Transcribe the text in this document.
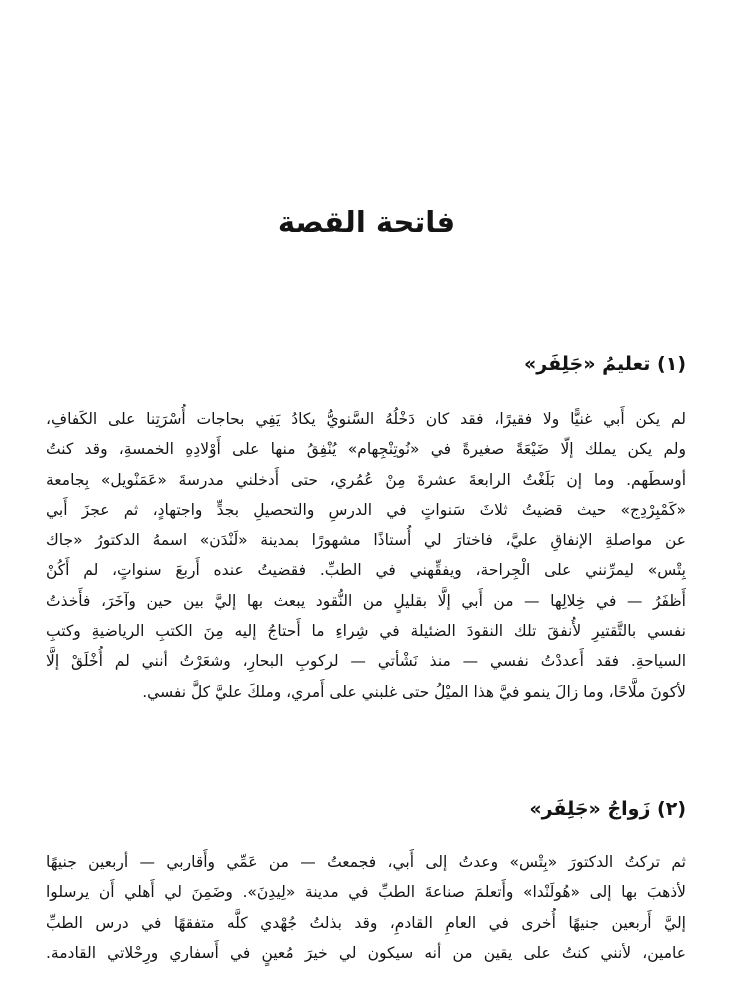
فاتحة القصة
(١) تعليمُ «جَلِفَر»
لم يكن أَبي غنيًّا ولا فقيرًا، فقد كان دَخْلُهُ السَّنويُّ يكادُ يَفِي بحاجات أُسْرَتِنا على الكَفافِ،
ولم يكن يملك إلّا ضَيْعَةً صغيرةً في «نُوتِنْجِهام» يُنْفِقُ منها على أَوْلادِهِ الخمسةِ، وقد كنتُ
أوسطَهم. وما إن بَلَغْتُ الرابعةَ عشرةَ مِنْ عُمُري، حتى أَدخلني مدرسةَ «عَمَنْويل» بِجامعة
«كَمْبِرْدِج» حيث قضيتُ ثلاثَ سَنواتٍ في الدرسِ والتحصيلِ بجدٍّ واجتهادٍ، ثم عجزَ أَبي
عن مواصلةِ الإنفاقِ عليَّ، فاختارَ لي أُستاذًا مشهورًا بمدينة «لَنْدَن» اسمهُ الدكتورُ «جاك
بِتْس» ليمرِّنني على الْجِراحة، ويفقِّهني في الطبِّ. فقضيتُ عنده أَربعَ سنواتٍ، لم أَكُنْ
أَظفَرُ — في خِلالِها — من أَبي إلَّا بقليلٍ من النُّقود يبعث بها إليَّ بين حين وآخَرَ، فأَخذتُ
نفسي بالتَّقتيرِ لأُنفقَ تلك النقودَ الضئيلة في شِراءِ ما أَحتاجُ إليه مِنَ الكتبِ الرياضيةِ وكتبِ
السياحةِ. فقد أَعددْتُ نفسي — منذ نَشْأتي — لركوبِ البحارِ، وشعَرْتُ أنني لم أُخْلَقْ إلَّا
لأكونَ ملَّاحًا، وما زالَ ينمو فيَّ هذا الميْلُ حتى غلبني على أَمري، وملكَ عليَّ كلَّ نفسي.
(٢) زَواجُ «جَلِفَر»
ثم تركتُ الدكتورَ «بِتْس» وعدتُ إلى أَبي، فجمعتُ — من عَمِّي وأَقاربي — أربعين جنيهًا
لأذهبَ بها إلى «هُولَنْدا» وأَتعلمَ صناعةَ الطبِّ في مدينة «لِيدِنَ». وضَمِنَ لي أَهلي أَن يرسلوا
إليَّ أَربعين جنيهًا أُخرى في العامِ القادمِ، وقد بذلتُ جُهْدي كلَّه متفقهًا في درس الطبِّ
عامين، لأنني كنتُ على يقين من أنه سيكون لي خيرَ مُعينٍ في أَسفاري ورِحْلاتي القادمة.
